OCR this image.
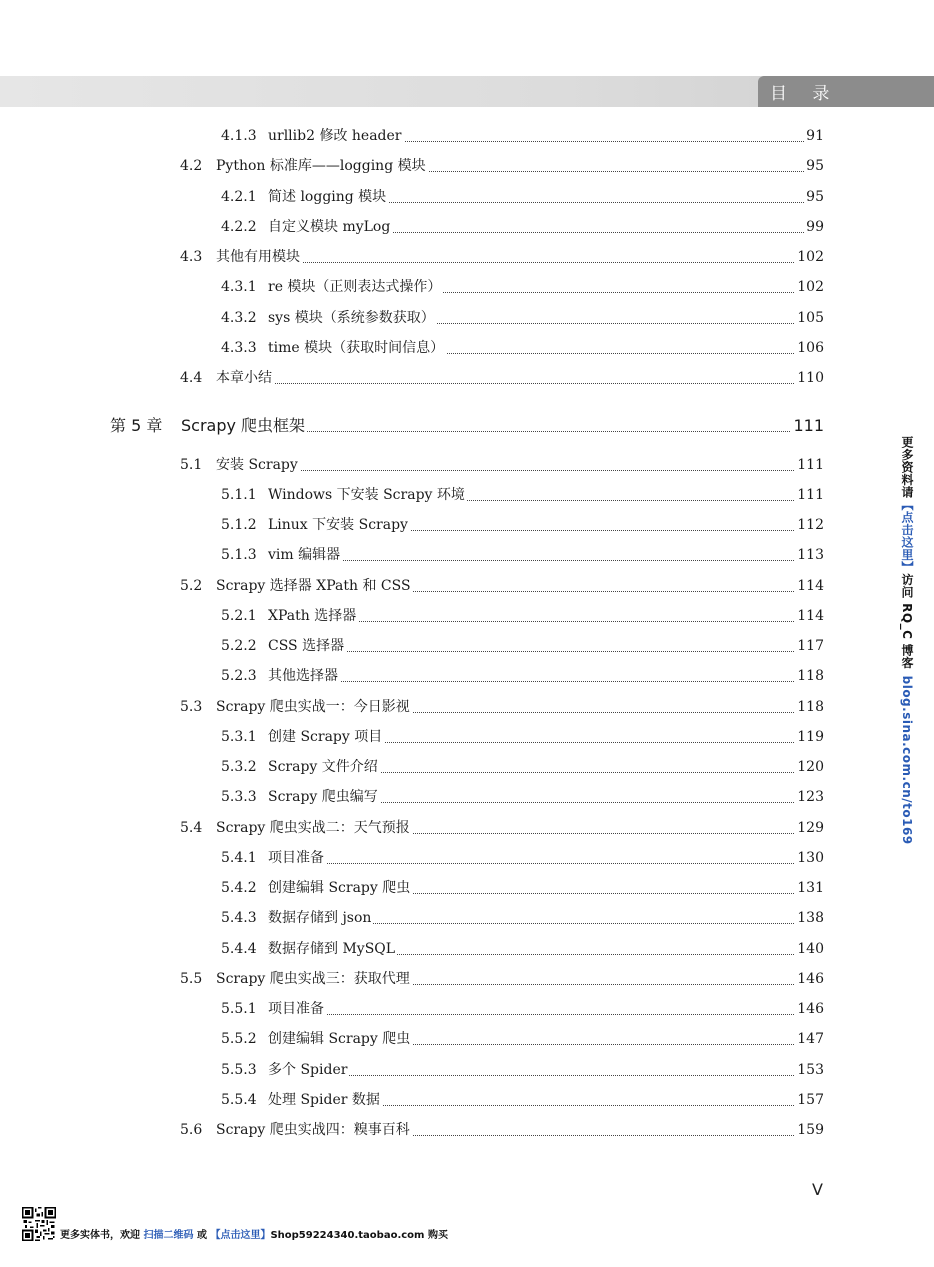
目 录
4.1.3 urllib2 修改 header	91
4.2 Python 标准库——logging 模块	95
4.2.1 简述 logging 模块	95
4.2.2 自定义模块 myLog	99
4.3 其他有用模块	102
4.3.1 re 模块（正则表达式操作）	102
4.3.2 sys 模块（系统参数获取）	105
4.3.3 time 模块（获取时间信息）	106
4.4 本章小结	110
第 5 章 Scrapy 爬虫框架	111
5.1 安装 Scrapy	111
5.1.1 Windows 下安装 Scrapy 环境	111
5.1.2 Linux 下安装 Scrapy	112
5.1.3 vim 编辑器	113
5.2 Scrapy 选择器 XPath 和 CSS	114
5.2.1 XPath 选择器	114
5.2.2 CSS 选择器	117
5.2.3 其他选择器	118
5.3 Scrapy 爬虫实战一：今日影视	118
5.3.1 创建 Scrapy 项目	119
5.3.2 Scrapy 文件介绍	120
5.3.3 Scrapy 爬虫编写	123
5.4 Scrapy 爬虫实战二：天气预报	129
5.4.1 项目准备	130
5.4.2 创建编辑 Scrapy 爬虫	131
5.4.3 数据存储到 json	138
5.4.4 数据存储到 MySQL	140
5.5 Scrapy 爬虫实战三：获取代理	146
5.5.1 项目准备	146
5.5.2 创建编辑 Scrapy 爬虫	147
5.5.3 多个 Spider	153
5.5.4 处理 Spider 数据	157
5.6 Scrapy 爬虫实战四：糗事百科	159
更多资料请【点击这里】访问 RQ_C 博客 blog.sina.com.cn/to169
V
更多实体书，欢迎 扫描二维码 或 【点击这里】 Shop59224340.taobao.com 购买
